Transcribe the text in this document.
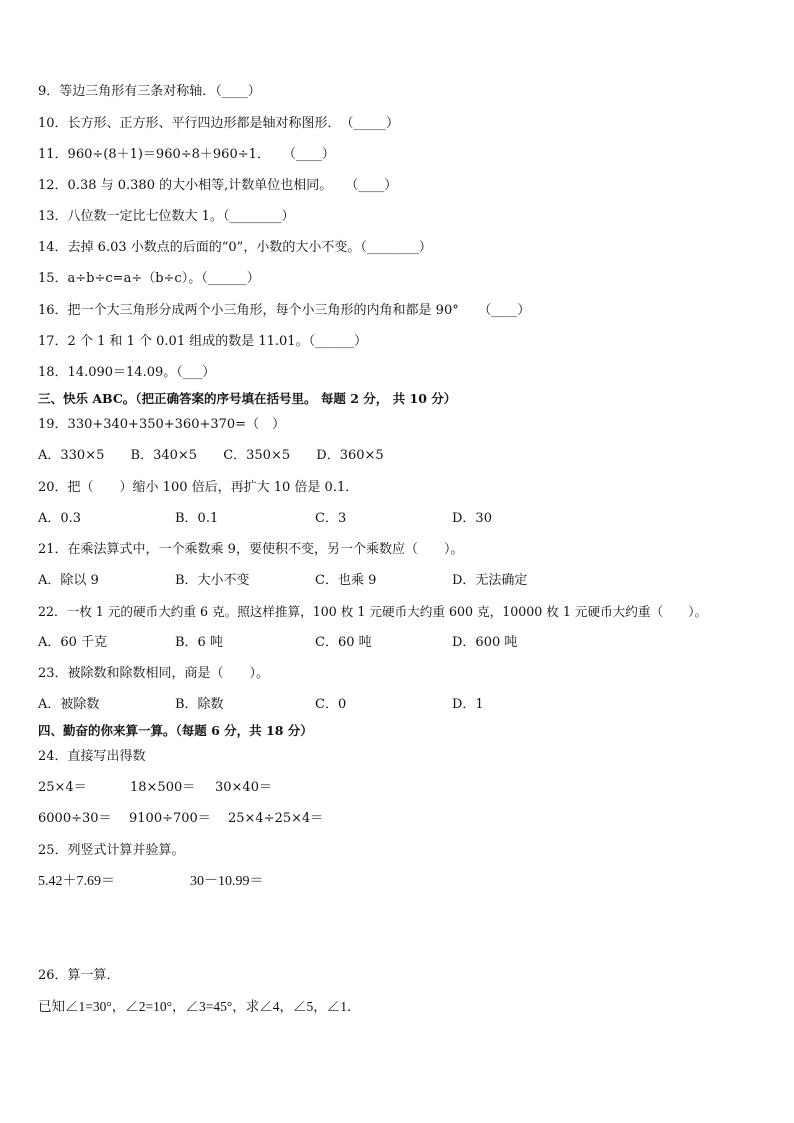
9．等边三角形有三条对称轴．（____）
10．长方形、正方形、平行四边形都是轴对称图形．　（_____）
11．960÷(8＋1)＝960÷8＋960÷1．　　（____）
12．0.38 与 0.380 的大小相等,计数单位也相同。　　（____）
13．八位数一定比七位数大 1。（________）
14．去掉 6.03 小数点的后面的“0”，小数的大小不变。（________）
15．a÷b÷c=a÷（b÷c）。（______）
16．把一个大三角形分成两个小三角形，每个小三角形的内角和都是 90°　　（____）
17．2 个 1 和 1 个 0.01 组成的数是 11.01。（______）
18．14.090＝14.09。（___）
三、快乐 ABC。（把正确答案的序号填在括号里。 每题 2 分， 共 10 分）
19．330+340+350+360+370=（　）
A．330×5 B．340×5 C．350×5 D．360×5
20．把（　　）缩小 100 倍后，再扩大 10 倍是 0.1．
A．0.3	B．0.1	C．3	D．30
21．在乘法算式中，一个乘数乘 9，要使积不变，另一个乘数应（　　）。
A．除以 9	B．大小不变	C．也乘 9	D．无法确定
22．一枚 1 元的硬币大约重 6 克。照这样推算，100 枚 1 元硬币大约重 600 克，10000 枚 1 元硬币大约重（　　）。
A．60 千克	B．6 吨	C．60 吨	D．600 吨
23．被除数和除数相同，商是（　　）。
A．被除数	B．除数	C．0	D．1
四、勤奋的你来算一算。（每题 6 分，共 18 分）
24．直接写出得数
25×4＝	18×500＝ 30×40＝
6000÷30＝ 9100÷700＝ 25×4÷25×4＝
25．列竖式计算并验算。
5.42＋7.69＝	30－10.99＝
26．算一算．
已知∠1=30°，∠2=10°，∠3=45°，求∠4，∠5，∠1．
